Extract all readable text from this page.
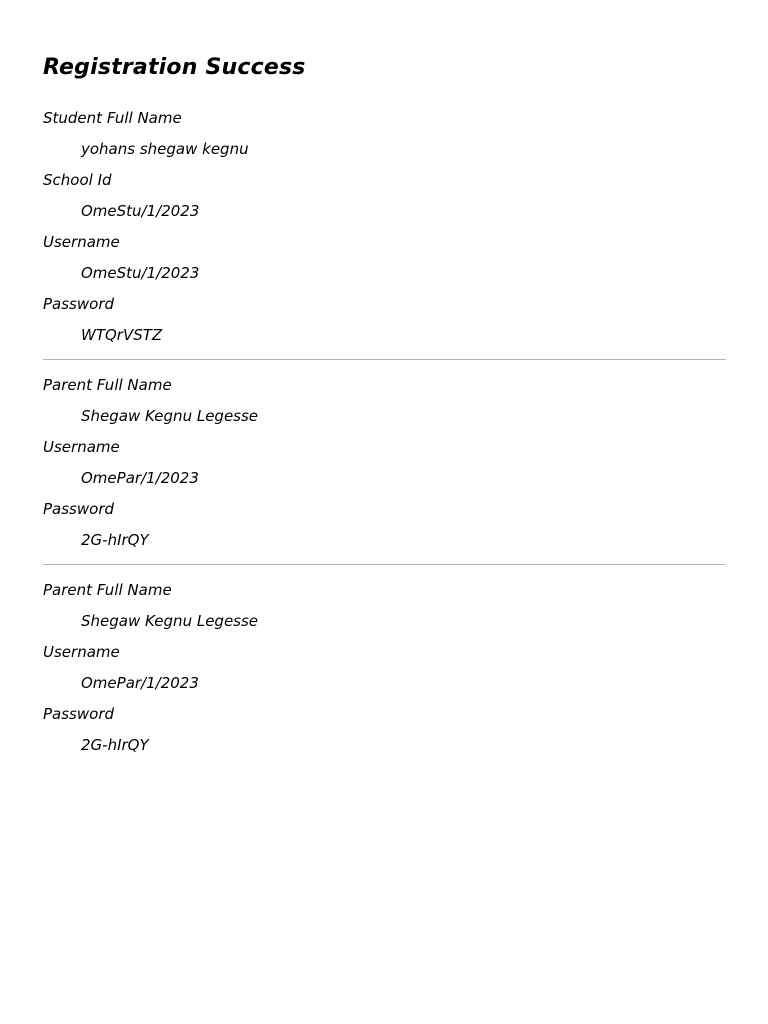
Registration Success

Student Full Name

yohans shegaw kegnu

School Id

OmeStu/1/2023

Username

OmeStu/1/2023

Password

WTQrVSTZ

Parent Full Name

Shegaw Kegnu Legesse

Username

OmePar/1/2023

Password

2G-hIrQY

Parent Full Name

Shegaw Kegnu Legesse

Username

OmePar/1/2023

Password

2G-hIrQY
